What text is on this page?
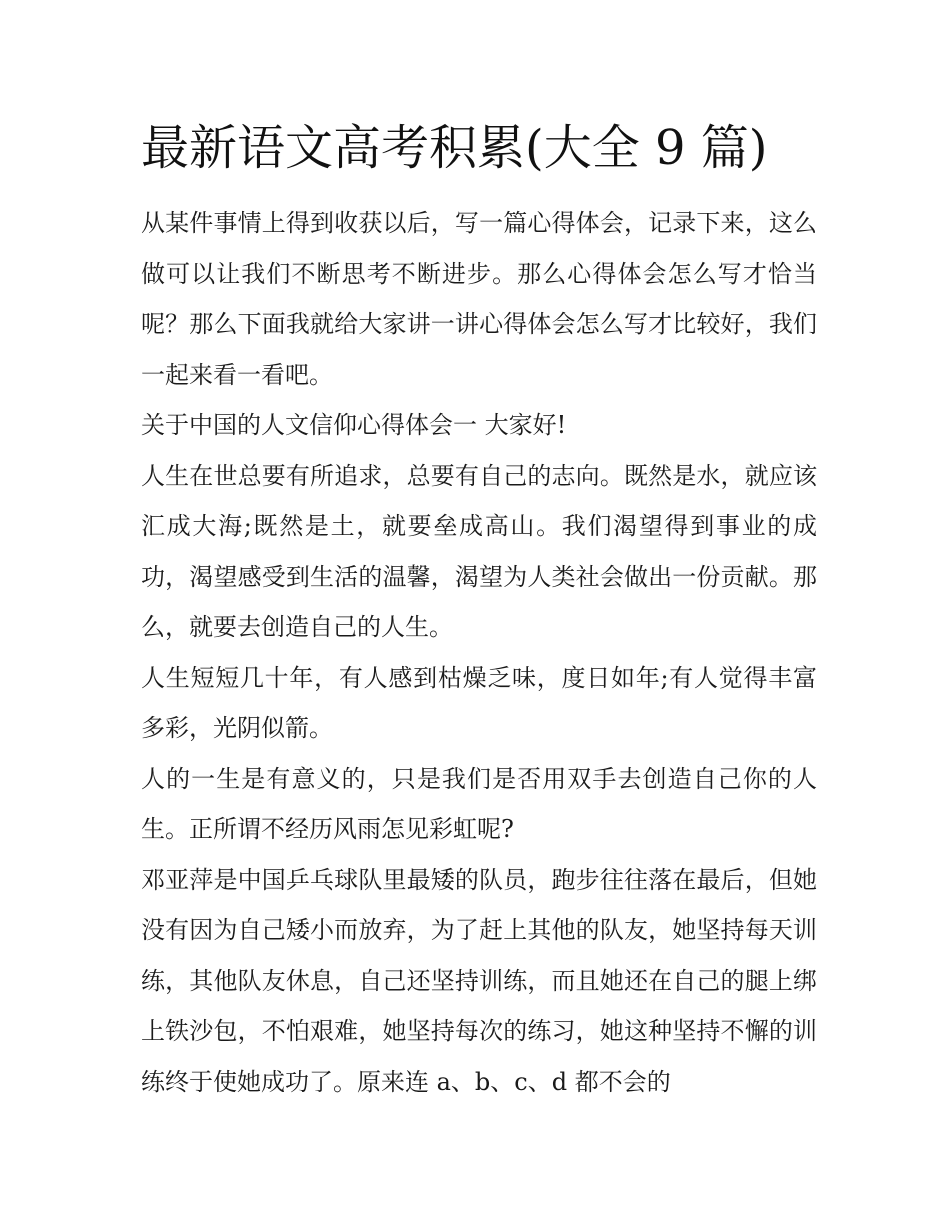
最新语文高考积累(大全 9 篇)

从某件事情上得到收获以后，写一篇心得体会，记录下来，这么做可以让我们不断思考不断进步。那么心得体会怎么写才恰当呢？那么下面我就给大家讲一讲心得体会怎么写才比较好，我们一起来看一看吧。

关于中国的人文信仰心得体会一 大家好!

人生在世总要有所追求，总要有自己的志向。既然是水，就应该汇成大海;既然是土，就要垒成高山。我们渴望得到事业的成功，渴望感受到生活的温馨，渴望为人类社会做出一份贡献。那么，就要去创造自己的人生。

人生短短几十年，有人感到枯燥乏味，度日如年;有人觉得丰富多彩，光阴似箭。

人的一生是有意义的，只是我们是否用双手去创造自己你的人生。正所谓不经历风雨怎见彩虹呢?

邓亚萍是中国乒乓球队里最矮的队员，跑步往往落在最后，但她没有因为自己矮小而放弃，为了赶上其他的队友，她坚持每天训练，其他队友休息，自己还坚持训练，而且她还在自己的腿上绑上铁沙包，不怕艰难，她坚持每次的练习，她这种坚持不懈的训练终于使她成功了。原来连 a、b、c、d 都不会的
